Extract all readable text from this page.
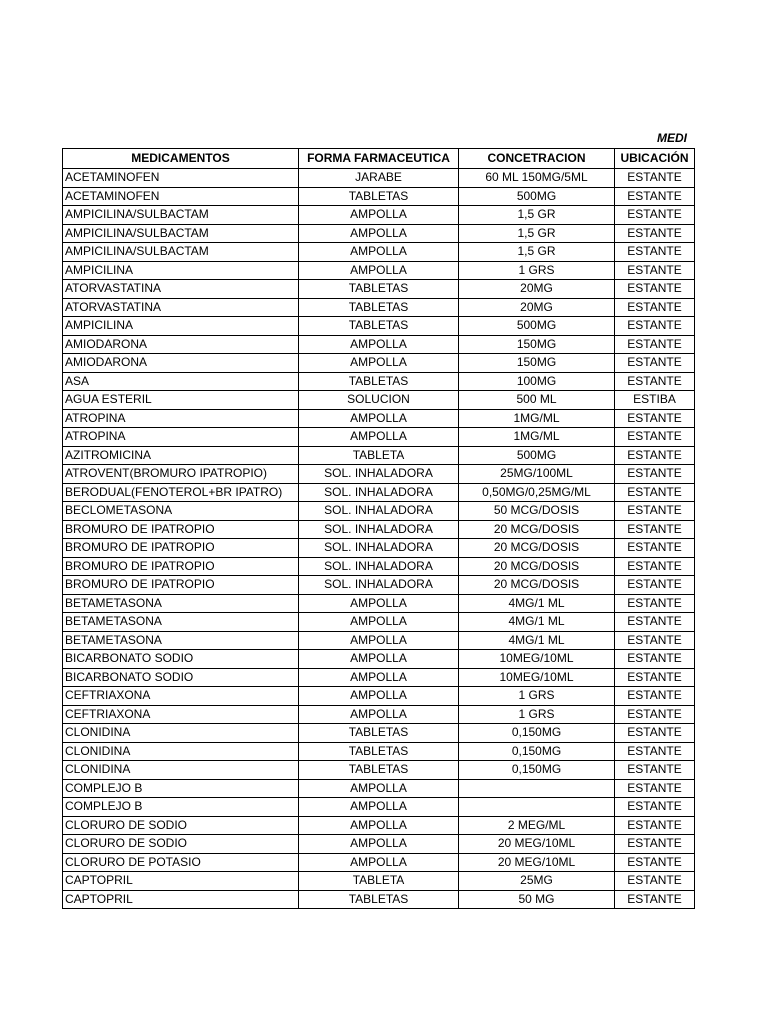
MEDI
MEDICAMENTOS	FORMA FARMACEUTICA	CONCETRACION	UBICACIÓN
ACETAMINOFEN	JARABE	60 ML 150MG/5ML	ESTANTE
ACETAMINOFEN	TABLETAS	500MG	ESTANTE
AMPICILINA/SULBACTAM	AMPOLLA	1,5 GR	ESTANTE
AMPICILINA/SULBACTAM	AMPOLLA	1,5 GR	ESTANTE
AMPICILINA/SULBACTAM	AMPOLLA	1,5 GR	ESTANTE
AMPICILINA	AMPOLLA	1 GRS	ESTANTE
ATORVASTATINA	TABLETAS	20MG	ESTANTE
ATORVASTATINA	TABLETAS	20MG	ESTANTE
AMPICILINA	TABLETAS	500MG	ESTANTE
AMIODARONA	AMPOLLA	150MG	ESTANTE
AMIODARONA	AMPOLLA	150MG	ESTANTE
ASA	TABLETAS	100MG	ESTANTE
AGUA ESTERIL	SOLUCION	500 ML	ESTIBA
ATROPINA	AMPOLLA	1MG/ML	ESTANTE
ATROPINA	AMPOLLA	1MG/ML	ESTANTE
AZITROMICINA	TABLETA	500MG	ESTANTE
ATROVENT(BROMURO IPATROPIO)	SOL. INHALADORA	25MG/100ML	ESTANTE
BERODUAL(FENOTEROL+BR IPATRO)	SOL. INHALADORA	0,50MG/0,25MG/ML	ESTANTE
BECLOMETASONA	SOL. INHALADORA	50 MCG/DOSIS	ESTANTE
BROMURO DE IPATROPIO	SOL. INHALADORA	20 MCG/DOSIS	ESTANTE
BROMURO DE IPATROPIO	SOL. INHALADORA	20 MCG/DOSIS	ESTANTE
BROMURO DE IPATROPIO	SOL. INHALADORA	20 MCG/DOSIS	ESTANTE
BROMURO DE IPATROPIO	SOL. INHALADORA	20 MCG/DOSIS	ESTANTE
BETAMETASONA	AMPOLLA	4MG/1 ML	ESTANTE
BETAMETASONA	AMPOLLA	4MG/1 ML	ESTANTE
BETAMETASONA	AMPOLLA	4MG/1 ML	ESTANTE
BICARBONATO SODIO	AMPOLLA	10MEG/10ML	ESTANTE
BICARBONATO SODIO	AMPOLLA	10MEG/10ML	ESTANTE
CEFTRIAXONA	AMPOLLA	1 GRS	ESTANTE
CEFTRIAXONA	AMPOLLA	1 GRS	ESTANTE
CLONIDINA	TABLETAS	0,150MG	ESTANTE
CLONIDINA	TABLETAS	0,150MG	ESTANTE
CLONIDINA	TABLETAS	0,150MG	ESTANTE
COMPLEJO B	AMPOLLA		ESTANTE
COMPLEJO B	AMPOLLA		ESTANTE
CLORURO DE SODIO	AMPOLLA	2 MEG/ML	ESTANTE
CLORURO DE SODIO	AMPOLLA	20 MEG/10ML	ESTANTE
CLORURO DE POTASIO	AMPOLLA	20 MEG/10ML	ESTANTE
CAPTOPRIL	TABLETA	25MG	ESTANTE
CAPTOPRIL	TABLETAS	50 MG	ESTANTE
